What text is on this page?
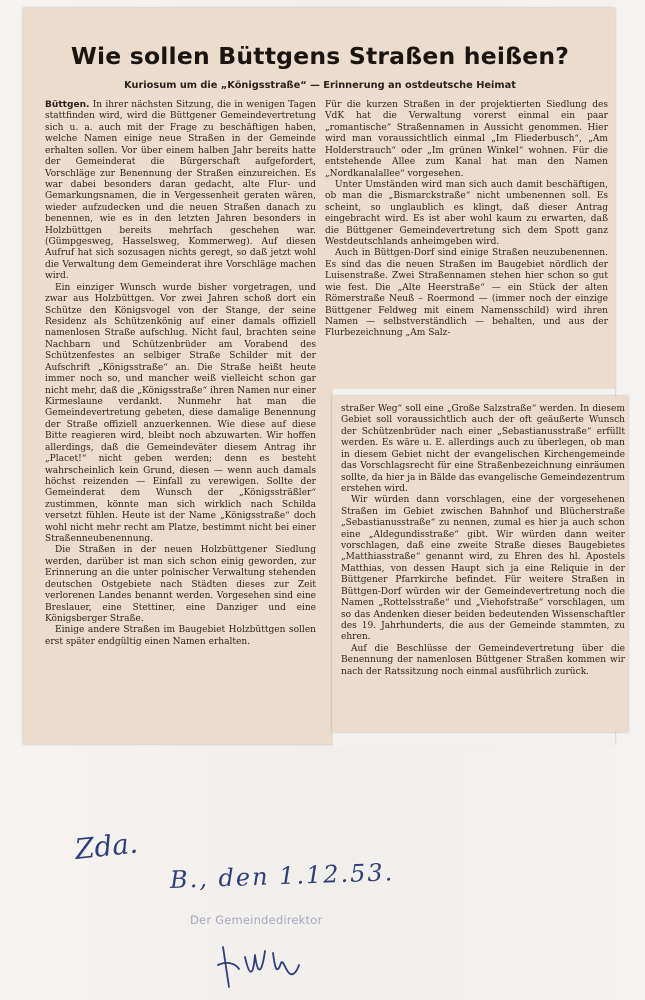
Wie sollen Büttgens Straßen heißen?
Kuriosum um die „Königsstraße“ — Erinnerung an ostdeutsche Heimat

Büttgen. In ihrer nächsten Sitzung, die in wenigen Tagen stattfinden wird, wird die Büttgener Gemeindevertretung sich u. a. auch mit der Frage zu beschäftigen haben, welche Namen einige neue Straßen in der Gemeinde erhalten sollen. Vor über einem halben Jahr bereits hatte der Gemeinderat die Bürgerschaft aufgefordert, Vorschläge zur Benennung der Straßen einzureichen. Es war dabei besonders daran gedacht, alte Flur- und Gemarkungsnamen, die in Vergessenheit geraten wären, wieder aufzudecken und die neuen Straßen danach zu benennen, wie es in den letzten Jahren besonders in Holzbüttgen bereits mehrfach geschehen war. (Gümpgesweg, Hasselsweg, Kommerweg). Auf diesen Aufruf hat sich sozusagen nichts geregt, so daß jetzt wohl die Verwaltung dem Gemeinderat ihre Vorschläge machen wird.

Ein einziger Wunsch wurde bisher vorgetragen, und zwar aus Holzbüttgen. Vor zwei Jahren schoß dort ein Schütze den Königsvogel von der Stange, der seine Residenz als Schützenkönig auf einer damals offiziell namenlosen Straße aufschlug. Nicht faul, brachten seine Nachbarn und Schützenbrüder am Vorabend des Schützenfestes an selbiger Straße Schilder mit der Aufschrift „Königsstraße“ an. Die Straße heißt heute immer noch so, und mancher weiß vielleicht schon gar nicht mehr, daß die „Königsstraße“ ihren Namen nur einer Kirmeslaune verdankt. Nunmehr hat man die Gemeindevertretung gebeten, diese damalige Benennung der Straße offiziell anzuerkennen. Wie diese auf diese Bitte reagieren wird, bleibt noch abzuwarten. Wir hoffen allerdings, daß die Gemeindeväter diesem Antrag ihr „Placet!“ nicht geben werden; denn es besteht wahrscheinlich kein Grund, diesen — wenn auch damals höchst reizenden — Einfall zu verewigen. Sollte der Gemeinderat dem Wunsch der „Königssträßler“ zustimmen, könnte man sich wirklich nach Schilda versetzt fühlen. Heute ist der Name „Königsstraße“ doch wohl nicht mehr recht am Platze, bestimmt nicht bei einer Straßenneubenennung.

Die Straßen in der neuen Holzbüttgener Siedlung werden, darüber ist man sich schon einig geworden, zur Erinnerung an die unter polnischer Verwaltung stehenden deutschen Ostgebiete nach Städten dieses zur Zeit verlorenen Landes benannt werden. Vorgesehen sind eine Breslauer, eine Stettiner, eine Danziger und eine Königsberger Straße.

Einige andere Straßen im Baugebiet Holzbüttgen sollen erst später endgültig einen Namen erhalten.

Für die kurzen Straßen in der projektierten Siedlung des VdK hat die Verwaltung vorerst einmal ein paar „romantische“ Straßennamen in Aussicht genommen. Hier wird man voraussichtlich einmal „Im Fliederbusch“, „Am Holderstrauch“ oder „Im grünen Winkel“ wohnen. Für die entstehende Allee zum Kanal hat man den Namen „Nordkanalallee“ vorgesehen.

Unter Umständen wird man sich auch damit beschäftigen, ob man die „Bismarckstraße“ nicht umbenennen soll. Es scheint, so unglaublich es klingt, daß dieser Antrag eingebracht wird. Es ist aber wohl kaum zu erwarten, daß die Büttgener Gemeindevertretung sich dem Spott ganz Westdeutschlands anheimgeben wird.

Auch in Büttgen-Dorf sind einige Straßen neuzubenennen. Es sind das die neuen Straßen im Baugebiet nördlich der Luisenstraße. Zwei Straßennamen stehen hier schon so gut wie fest. Die „Alte Heerstraße“ — ein Stück der alten Römerstraße Neuß – Roermond — (immer noch der einzige Büttgener Feldweg mit einem Namensschild) wird ihren Namen — selbstverständlich — behalten, und aus der Flurbezeichnung „Am Salz-

straßer Weg“ soll eine „Große Salzstraße“ werden. In diesem Gebiet soll voraussichtlich auch der oft geäußerte Wunsch der Schützenbrüder nach einer „Sebastianusstraße“ erfüllt werden. Es wäre u. E. allerdings auch zu überlegen, ob man in diesem Gebiet nicht der evangelischen Kirchengemeinde das Vorschlagsrecht für eine Straßenbezeichnung einräumen sollte, da hier ja in Bälde das evangelische Gemeindezentrum erstehen wird.

Wir würden dann vorschlagen, eine der vorgesehenen Straßen im Gebiet zwischen Bahnhof und Blücherstraße „Sebastianusstraße“ zu nennen, zumal es hier ja auch schon eine „Aldegundisstraße“ gibt. Wir würden dann weiter vorschlagen, daß eine zweite Straße dieses Baugebietes „Matthiasstraße“ genannt wird, zu Ehren des hl. Apostels Matthias, von dessen Haupt sich ja eine Reliquie in der Büttgener Pfarrkirche befindet. Für weitere Straßen in Büttgen-Dorf würden wir der Gemeindevertretung noch die Namen „Rottelsstraße“ und „Viehofstraße“ vorschlagen, um so das Andenken dieser beiden bedeutenden Wissenschaftler des 19. Jahrhunderts, die aus der Gemeinde stammten, zu ehren.

Auf die Beschlüsse der Gemeindevertretung über die Benennung der namenlosen Büttgener Straßen kommen wir nach der Ratssitzung noch einmal ausführlich zurück.

Zda.
B., den 1.12.53.
Der Gemeindedirektor
